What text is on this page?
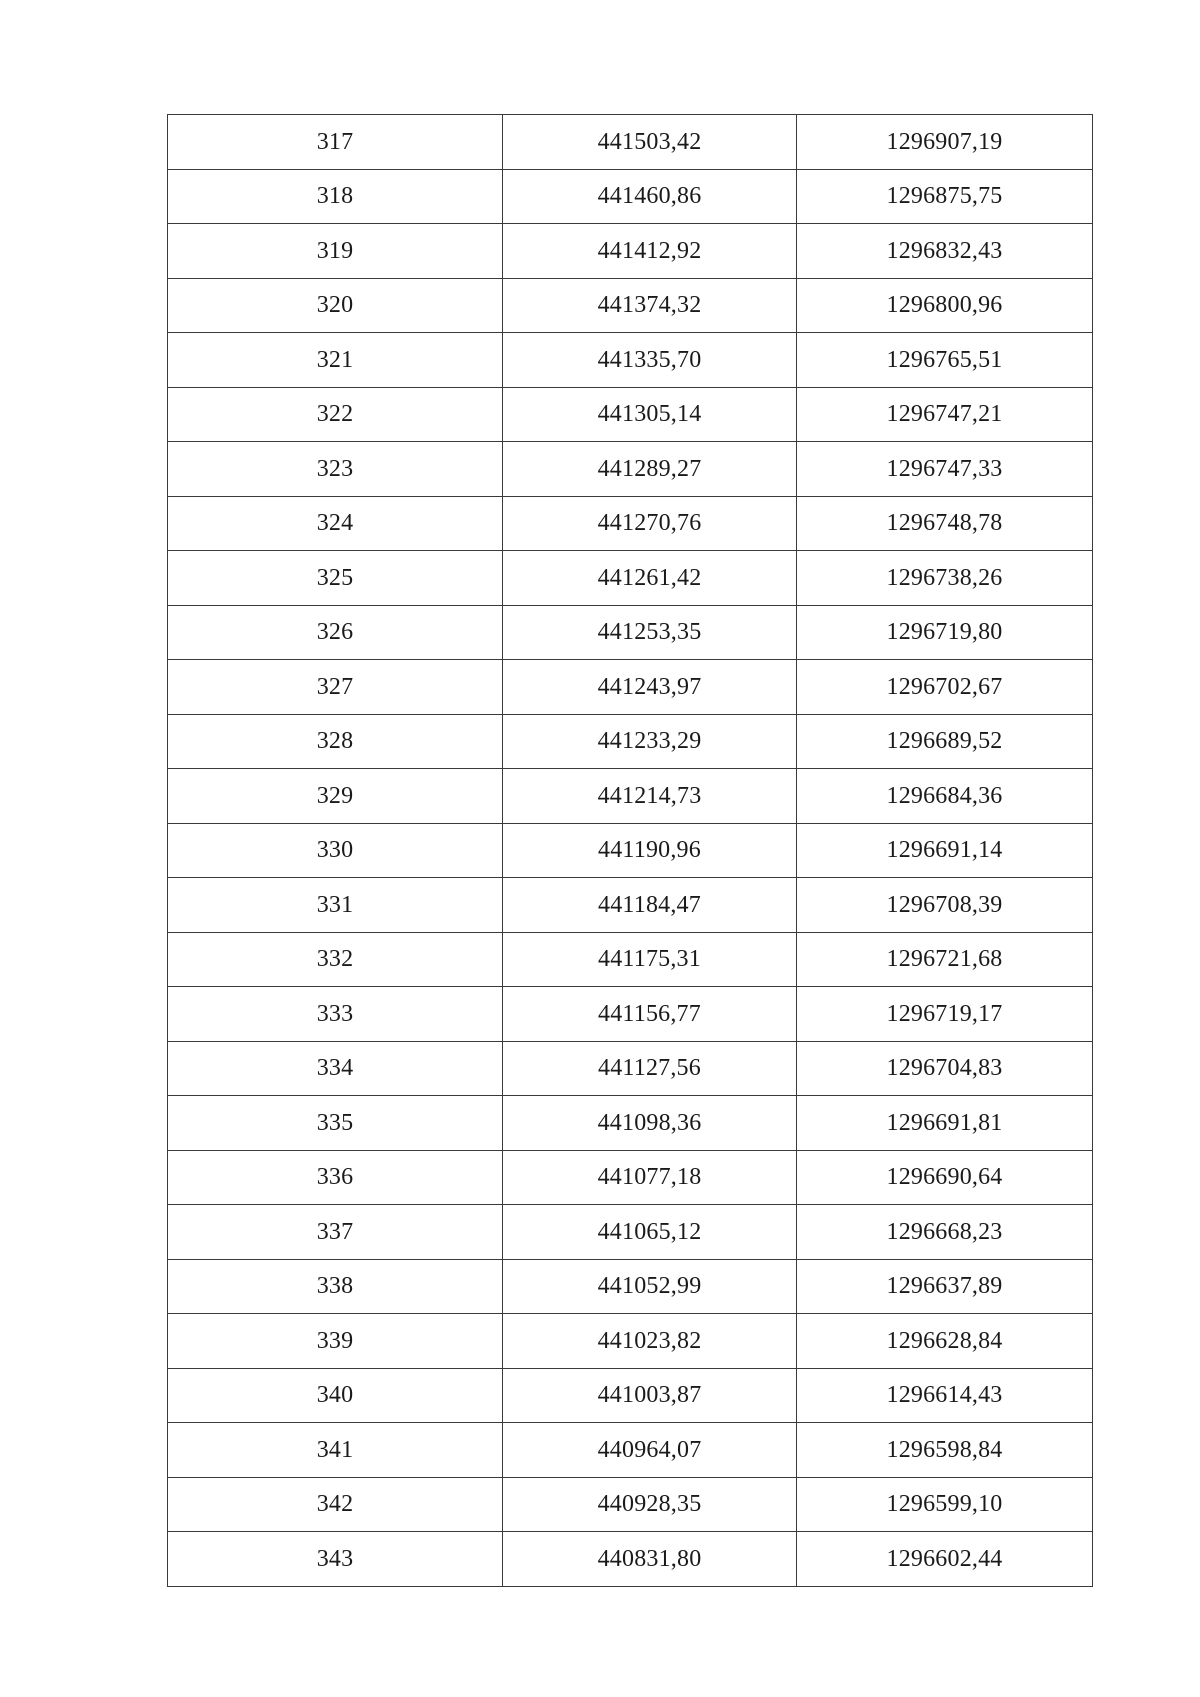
317	441503,42	1296907,19
318	441460,86	1296875,75
319	441412,92	1296832,43
320	441374,32	1296800,96
321	441335,70	1296765,51
322	441305,14	1296747,21
323	441289,27	1296747,33
324	441270,76	1296748,78
325	441261,42	1296738,26
326	441253,35	1296719,80
327	441243,97	1296702,67
328	441233,29	1296689,52
329	441214,73	1296684,36
330	441190,96	1296691,14
331	441184,47	1296708,39
332	441175,31	1296721,68
333	441156,77	1296719,17
334	441127,56	1296704,83
335	441098,36	1296691,81
336	441077,18	1296690,64
337	441065,12	1296668,23
338	441052,99	1296637,89
339	441023,82	1296628,84
340	441003,87	1296614,43
341	440964,07	1296598,84
342	440928,35	1296599,10
343	440831,80	1296602,44
